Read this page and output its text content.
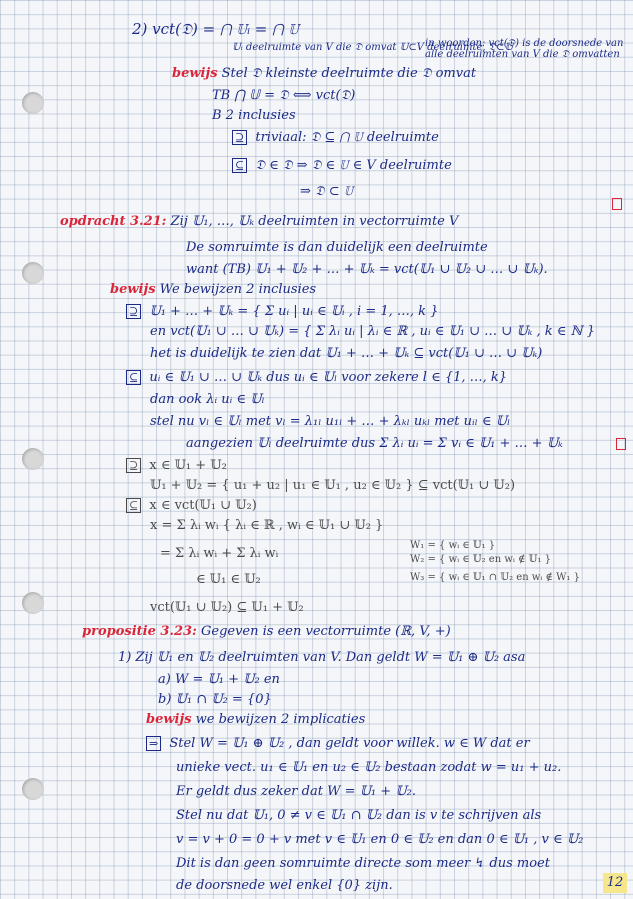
2) vct(𝔇) = ⋂ 𝕌ᵢ = ⋂ 𝕌
𝕌ᵢ deelruimte van V die 𝔇 omvat 𝕌⊂V deelruimte, 𝔇⊂𝕌
in woorden: vct(𝔇) is de doorsnede van alle deelruimten van V die 𝔇 omvatten
bewijs Stel 𝔇 kleinste deelruimte die 𝔇 omvat
TB ⋂ 𝕌 = 𝔇 ⟺ vct(𝔇)
B 2 inclusies
⊇ triviaal: 𝔇 ⊆ ⋂ 𝕌 deelruimte
⊆ 𝔇 ∈ 𝔇 ⇒ 𝔇 ∈ 𝕌 ∈ V deelruimte
⇒ 𝔇 ⊂ 𝕌
opdracht 3.21: Zij 𝕌₁, …, 𝕌ₖ deelruimten in vectorruimte V
De somruimte is dan duidelijk een deelruimte
want (TB) 𝕌₁ + 𝕌₂ + … + 𝕌ₖ = vct(𝕌₁ ∪ 𝕌₂ ∪ … ∪ 𝕌ₖ).
bewijs We bewijzen 2 inclusies
⊇ 𝕌₁ + … + 𝕌ₖ = { Σ uᵢ | uᵢ ∈ 𝕌ᵢ , i = 1, …, k }
en vct(𝕌₁ ∪ … ∪ 𝕌ₖ) = { Σ λᵢ uᵢ | λᵢ ∈ ℝ , uᵢ ∈ 𝕌₁ ∪ … ∪ 𝕌ₖ , k ∈ ℕ }
het is duidelijk te zien dat 𝕌₁ + … + 𝕌ₖ ⊆ vct(𝕌₁ ∪ … ∪ 𝕌ₖ)
⊆ uᵢ ∈ 𝕌₁ ∪ … ∪ 𝕌ₖ dus uᵢ ∈ 𝕌ₗ voor zekere l ∈ {1, …, k}
dan ook λᵢ uᵢ ∈ 𝕌ₗ
stel nu vₗ ∈ 𝕌ₗ met vₗ = λ₁ₗ u₁ₗ + … + λₖₗ uₖₗ met uᵢₗ ∈ 𝕌ₗ
aangezien 𝕌ₗ deelruimte dus Σ λᵢ uᵢ = Σ vᵢ ∈ 𝕌₁ + … + 𝕌ₖ
⊇ x ∈ 𝕌₁ + 𝕌₂
𝕌₁ + 𝕌₂ = { u₁ + u₂ | u₁ ∈ 𝕌₁ , u₂ ∈ 𝕌₂ } ⊆ vct(𝕌₁ ∪ 𝕌₂)
⊆ x ∈ vct(𝕌₁ ∪ 𝕌₂)
x = Σ λᵢ wᵢ { λᵢ ∈ ℝ , wᵢ ∈ 𝕌₁ ∪ 𝕌₂ }
= Σ λᵢ wᵢ + Σ λᵢ wᵢ
W₁ = { wᵢ ∈ 𝕌₁ }
W₂ = { wᵢ ∈ 𝕌₂ en wᵢ ∉ 𝕌₁ }
∈ 𝕌₁ ∈ 𝕌₂	W₃ = { wᵢ ∈ 𝕌₁ ∩ 𝕌₂ en wᵢ ∉ W₁ }
vct(𝕌₁ ∪ 𝕌₂) ⊆ 𝕌₁ + 𝕌₂
propositie 3.23: Gegeven is een vectorruimte (ℝ, V, +)
1) Zij 𝕌₁ en 𝕌₂ deelruimten van V. Dan geldt W = 𝕌₁ ⊕ 𝕌₂ asa
a) W = 𝕌₁ + 𝕌₂ en
b) 𝕌₁ ∩ 𝕌₂ = {0}
bewijs we bewijzen 2 implicaties
⇒ Stel W = 𝕌₁ ⊕ 𝕌₂ , dan geldt voor willek. w ∈ W dat er
unieke vect. u₁ ∈ 𝕌₁ en u₂ ∈ 𝕌₂ bestaan zodat w = u₁ + u₂.
Er geldt dus zeker dat W = 𝕌₁ + 𝕌₂.
Stel nu dat 𝕌₁, 0 ≠ v ∈ 𝕌₁ ∩ 𝕌₂ dan is v te schrijven als
v = v + 0 = 0 + v met v ∈ 𝕌₁ en 0 ∈ 𝕌₂ en dan 0 ∈ 𝕌₁ , v ∈ 𝕌₂
Dit is dan geen somruimte directe som meer ↯ dus moet
de doorsnede wel enkel {0} zijn.	12
